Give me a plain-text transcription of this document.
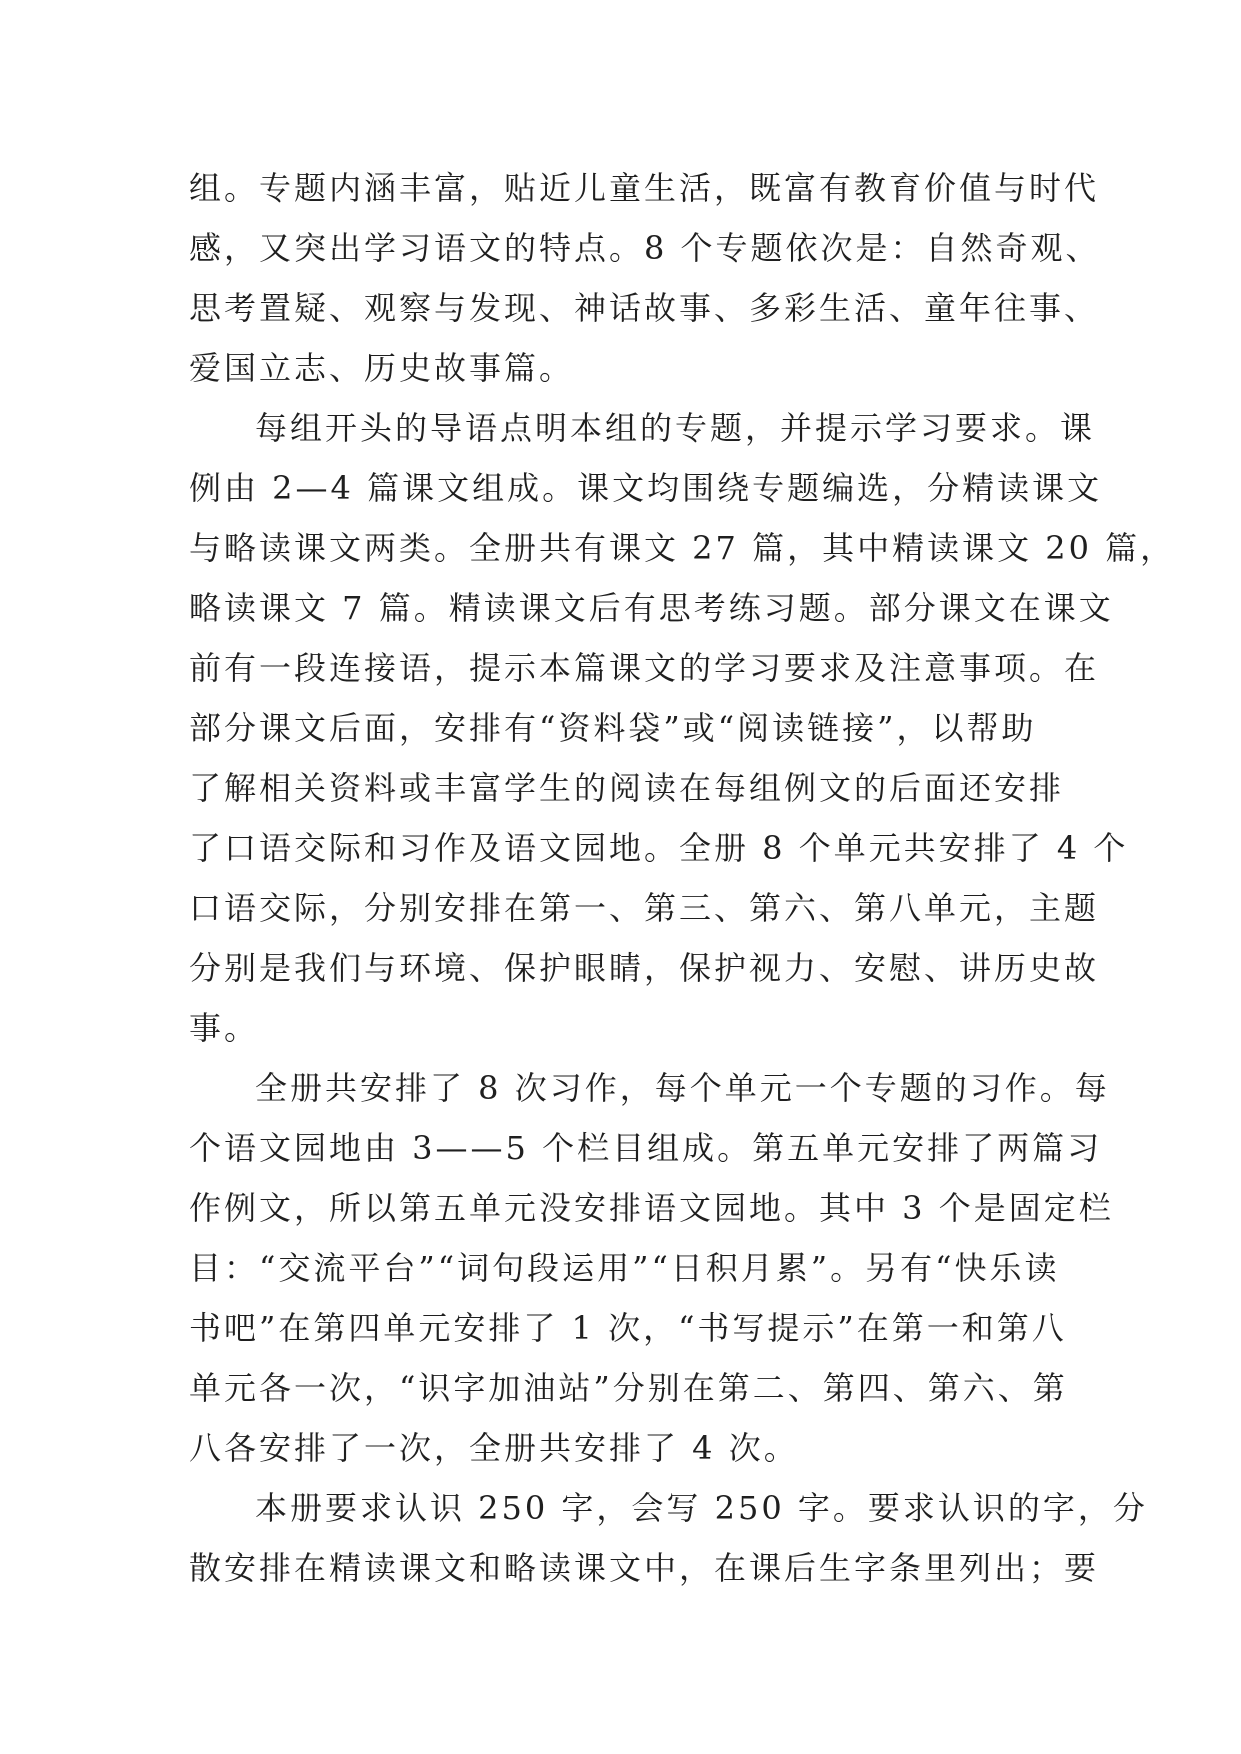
组。专题内涵丰富，贴近儿童生活，既富有教育价值与时代
感，又突出学习语文的特点。8 个专题依次是：自然奇观、
思考置疑、观察与发现、神话故事、多彩生活、童年往事、
爱国立志、历史故事篇。
每组开头的导语点明本组的专题，并提示学习要求。课
例由 2—4 篇课文组成。课文均围绕专题编选，分精读课文
与略读课文两类。全册共有课文 27 篇，其中精读课文 20 篇，
略读课文 7 篇。精读课文后有思考练习题。部分课文在课文
前有一段连接语，提示本篇课文的学习要求及注意事项。在
部分课文后面，安排有“资料袋”或“阅读链接”，以帮助
了解相关资料或丰富学生的阅读在每组例文的后面还安排
了口语交际和习作及语文园地。全册 8 个单元共安排了 4 个
口语交际，分别安排在第一、第三、第六、第八单元，主题
分别是我们与环境、保护眼睛，保护视力、安慰、讲历史故
事。
全册共安排了 8 次习作，每个单元一个专题的习作。每
个语文园地由 3——5 个栏目组成。第五单元安排了两篇习
作例文，所以第五单元没安排语文园地。其中 3 个是固定栏
目：“交流平台”“词句段运用”“日积月累”。另有“快乐读
书吧”在第四单元安排了 1 次，“书写提示”在第一和第八
单元各一次，“识字加油站”分别在第二、第四、第六、第
八各安排了一次，全册共安排了 4 次。
本册要求认识 250 字，会写 250 字。要求认识的字，分
散安排在精读课文和略读课文中，在课后生字条里列出；要
